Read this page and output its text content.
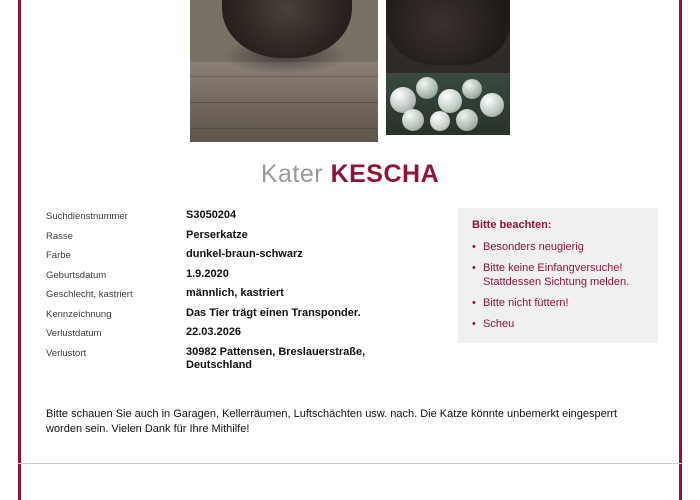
Kater KESCHA
Suchdienstnummer	S3050204
Rasse	Perserkatze
Farbe	dunkel-braun-schwarz
Geburtsdatum	1.9.2020
Geschlecht, kastriert	männlich, kastriert
Kennzeichnung	Das Tier trägt einen Transponder.
Verlustdatum	22.03.2026
Verlustort	30982 Pattensen, Breslauerstraße, Deutschland
Bitte beachten:
• Besonders neugierig
• Bitte keine Einfangversuche! Stattdessen Sichtung melden.
• Bitte nicht füttern!
• Scheu
Bitte schauen Sie auch in Garagen, Kellerräumen, Luftschächten usw. nach. Die Katze könnte unbemerkt eingesperrt worden sein. Vielen Dank für Ihre Mithilfe!
